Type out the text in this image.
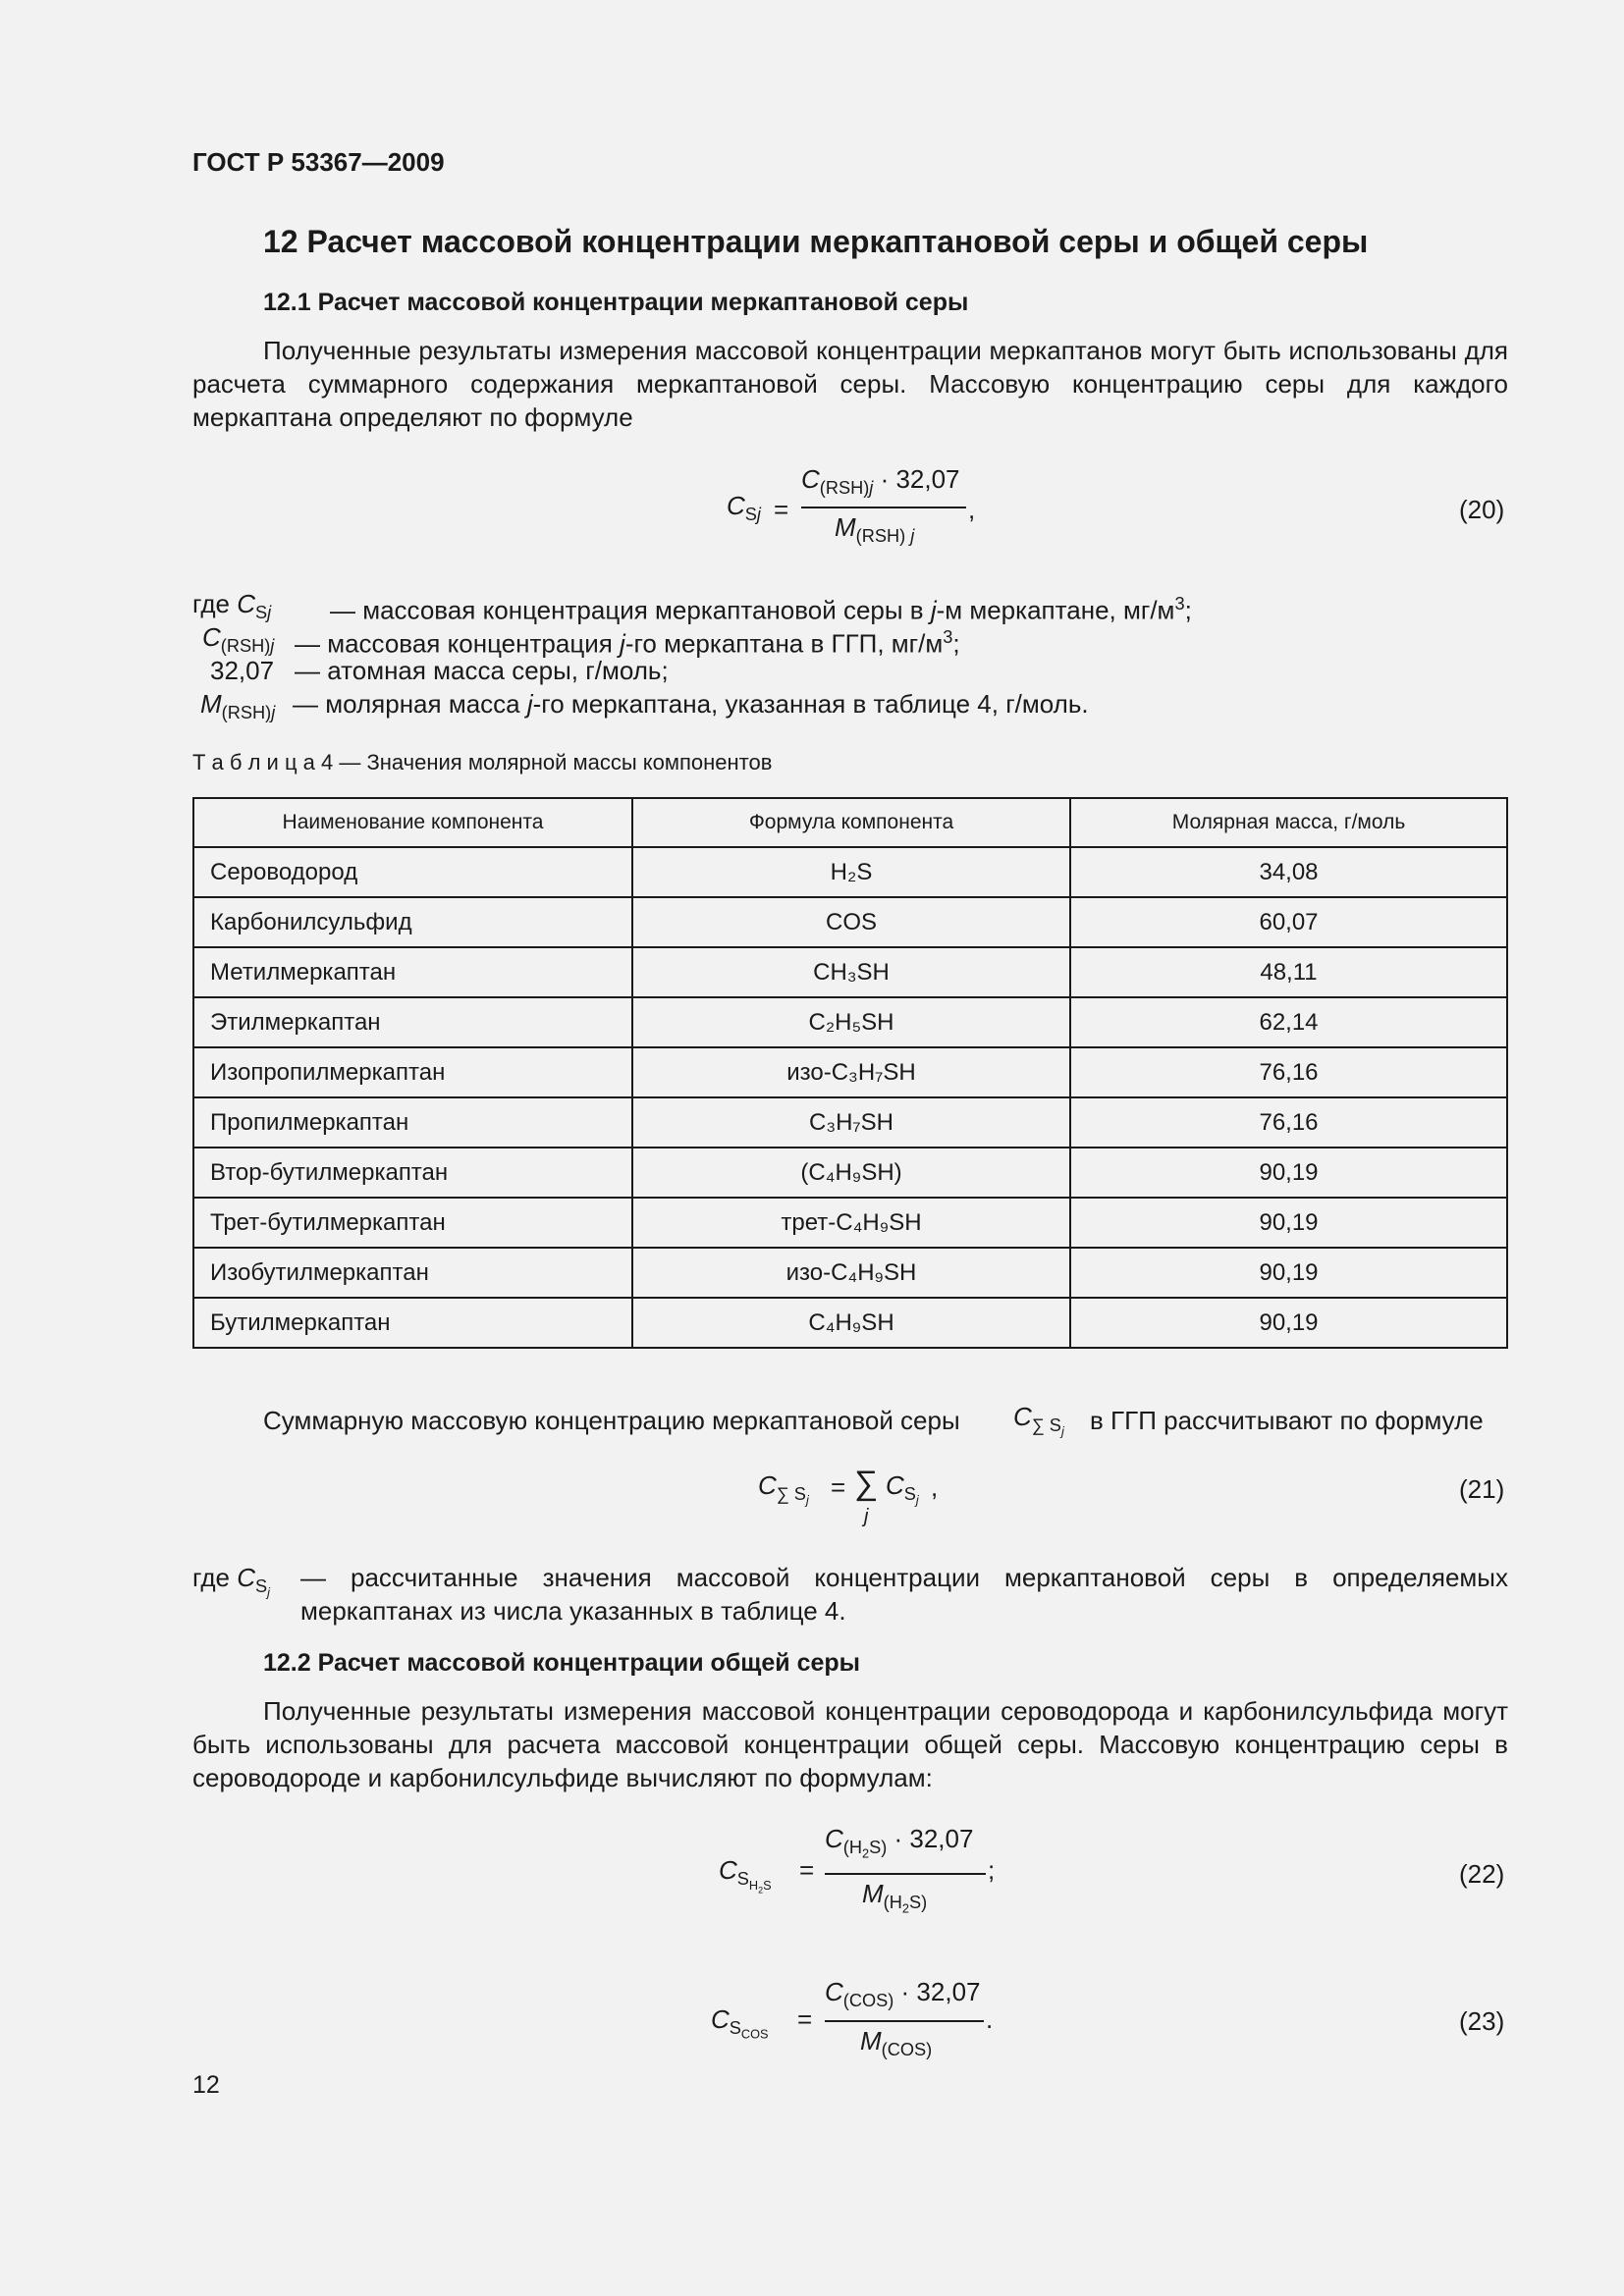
ГОСТ Р 53367—2009
12 Расчет массовой концентрации меркаптановой серы и общей серы
12.1 Расчет массовой концентрации меркаптановой серы
Полученные результаты измерения массовой концентрации меркаптанов могут быть использованы для расчета суммарного содержания меркаптановой серы. Массовую концентрацию серы для каждого меркаптана определяют по формуле
$C_{Sj}$ =
$C_{(RSH)j} \cdot 32,07$
$M_{(RSH) j}$
,	(20)
где $C_{Sj}$ — массовая концентрация меркаптановой серы в j-м меркаптане, $мг/м^3$;
$C_{(RSH)j}$ — массовая концентрация j-го меркаптана в ГГП, $мг/м^3$;
32,07 — атомная масса серы, г/моль;
$M_{(RSH)j}$ — молярная масса j-го меркаптана, указанная в таблице 4, г/моль.
Т а б л и ц а 4 — Значения молярной массы компонентов
Наименование компонента	Формула компонента	Молярная масса, г/моль
Сероводород	H₂S	34,08
Карбонилсульфид	COS	60,07
Метилмеркаптан	CH₃SH	48,11
Этилмеркаптан	C₂H₅SH	62,14
Изопропилмеркаптан	изо-C₃H₇SH	76,16
Пропилмеркаптан	C₃H₇SH	76,16
Втор-бутилмеркаптан	(C₄H₉SH)	90,19
Трет-бутилмеркаптан	трет-C₄H₉SH	90,19
Изобутилмеркаптан	изо-C₄H₉SH	90,19
Бутилмеркаптан	C₄H₉SH	90,19
Суммарную массовую концентрацию меркаптановой серы $C_{\sum S_j}$ в ГГП рассчитывают по формуле
$C_{\sum S_j}$ = ∑
j
$C_{S_j}$ ,	(21)
где $C_{S_j}$
— рассчитанные значения массовой концентрации меркаптановой серы в определяемых меркаптанах из числа указанных в таблице 4.
12.2 Расчет массовой концентрации общей серы
Полученные результаты измерения массовой концентрации сероводорода и карбонилсульфида могут быть использованы для расчета массовой концентрации общей серы. Массовую концентрацию серы в сероводороде и карбонилсульфиде вычисляют по формулам:
$C_{S_{H_2S}}$
=
$C_{(H_2S)} \cdot 32,07$
$M_{(H_2S)}$
;	(22)
$C_{S_{COS}}$
=
$C_{(COS)} \cdot 32,07$
$M_{(COS)}$
.	(23)
12
